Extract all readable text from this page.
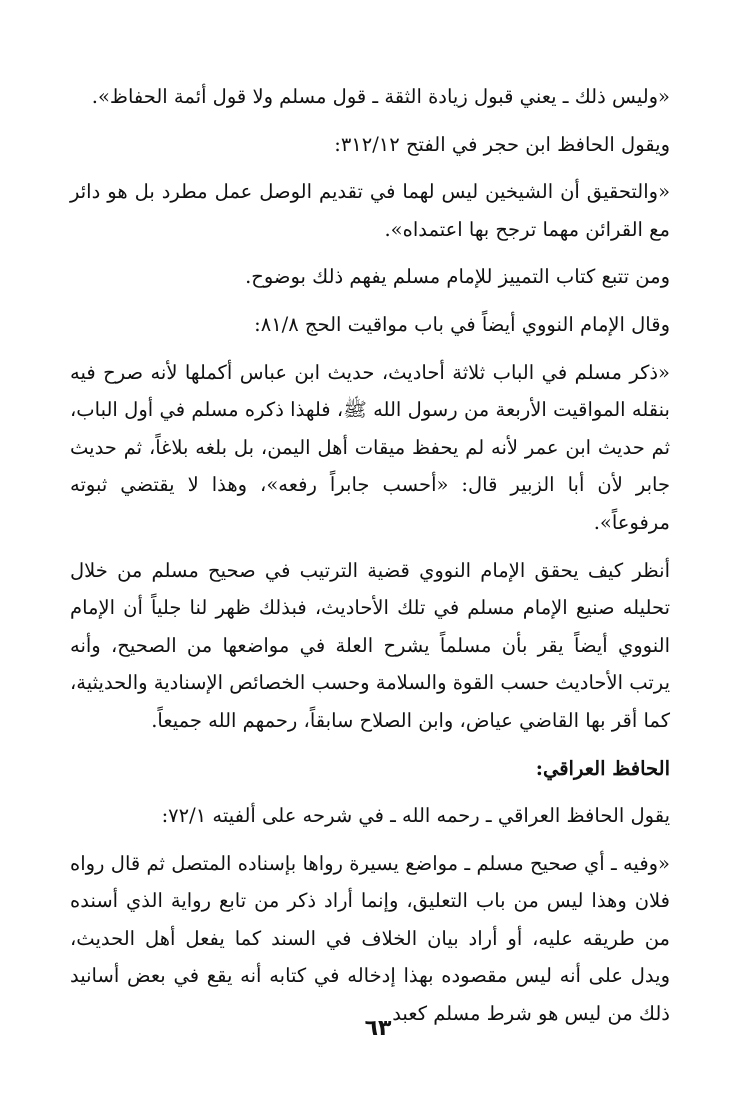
«وليس ذلك ـ يعني قبول زيادة الثقة ـ قول مسلم ولا قول أئمة الحفاظ».

ويقول الحافظ ابن حجر في الفتح ٣١٢/١٢:

«والتحقيق أن الشيخين ليس لهما في تقديم الوصل عمل مطرد بل هو دائر مع القرائن مهما ترجح بها اعتمداه».

ومن تتبع كتاب التمييز للإمام مسلم يفهم ذلك بوضوح.

وقال الإمام النووي أيضاً في باب مواقيت الحج ٨١/٨:

«ذكر مسلم في الباب ثلاثة أحاديث، حديث ابن عباس أكملها لأنه صرح فيه بنقله المواقيت الأربعة من رسول الله ﷺ، فلهذا ذكره مسلم في أول الباب، ثم حديث ابن عمر لأنه لم يحفظ ميقات أهل اليمن، بل بلغه بلاغاً، ثم حديث جابر لأن أبا الزبير قال: «أحسب جابراً رفعه»، وهذا لا يقتضي ثبوته مرفوعاً».

أنظر كيف يحقق الإمام النووي قضية الترتيب في صحيح مسلم من خلال تحليله صنيع الإمام مسلم في تلك الأحاديث، فبذلك ظهر لنا جلياً أن الإمام النووي أيضاً يقر بأن مسلماً يشرح العلة في مواضعها من الصحيح، وأنه يرتب الأحاديث حسب القوة والسلامة وحسب الخصائص الإسنادية والحديثية، كما أقر بها القاضي عياض، وابن الصلاح سابقاً، رحمهم الله جميعاً.

الحافظ العراقي:

يقول الحافظ العراقي ـ رحمه الله ـ في شرحه على ألفيته ٧٢/١:

«وفيه ـ أي صحيح مسلم ـ مواضع يسيرة رواها بإسناده المتصل ثم قال رواه فلان وهذا ليس من باب التعليق، وإنما أراد ذكر من تابع رواية الذي أسنده من طريقه عليه، أو أراد بيان الخلاف في السند كما يفعل أهل الحديث، ويدل على أنه ليس مقصوده بهذا إدخاله في كتابه أنه يقع في بعض أسانيد ذلك من ليس هو شرط مسلم كعبد

٦٣
